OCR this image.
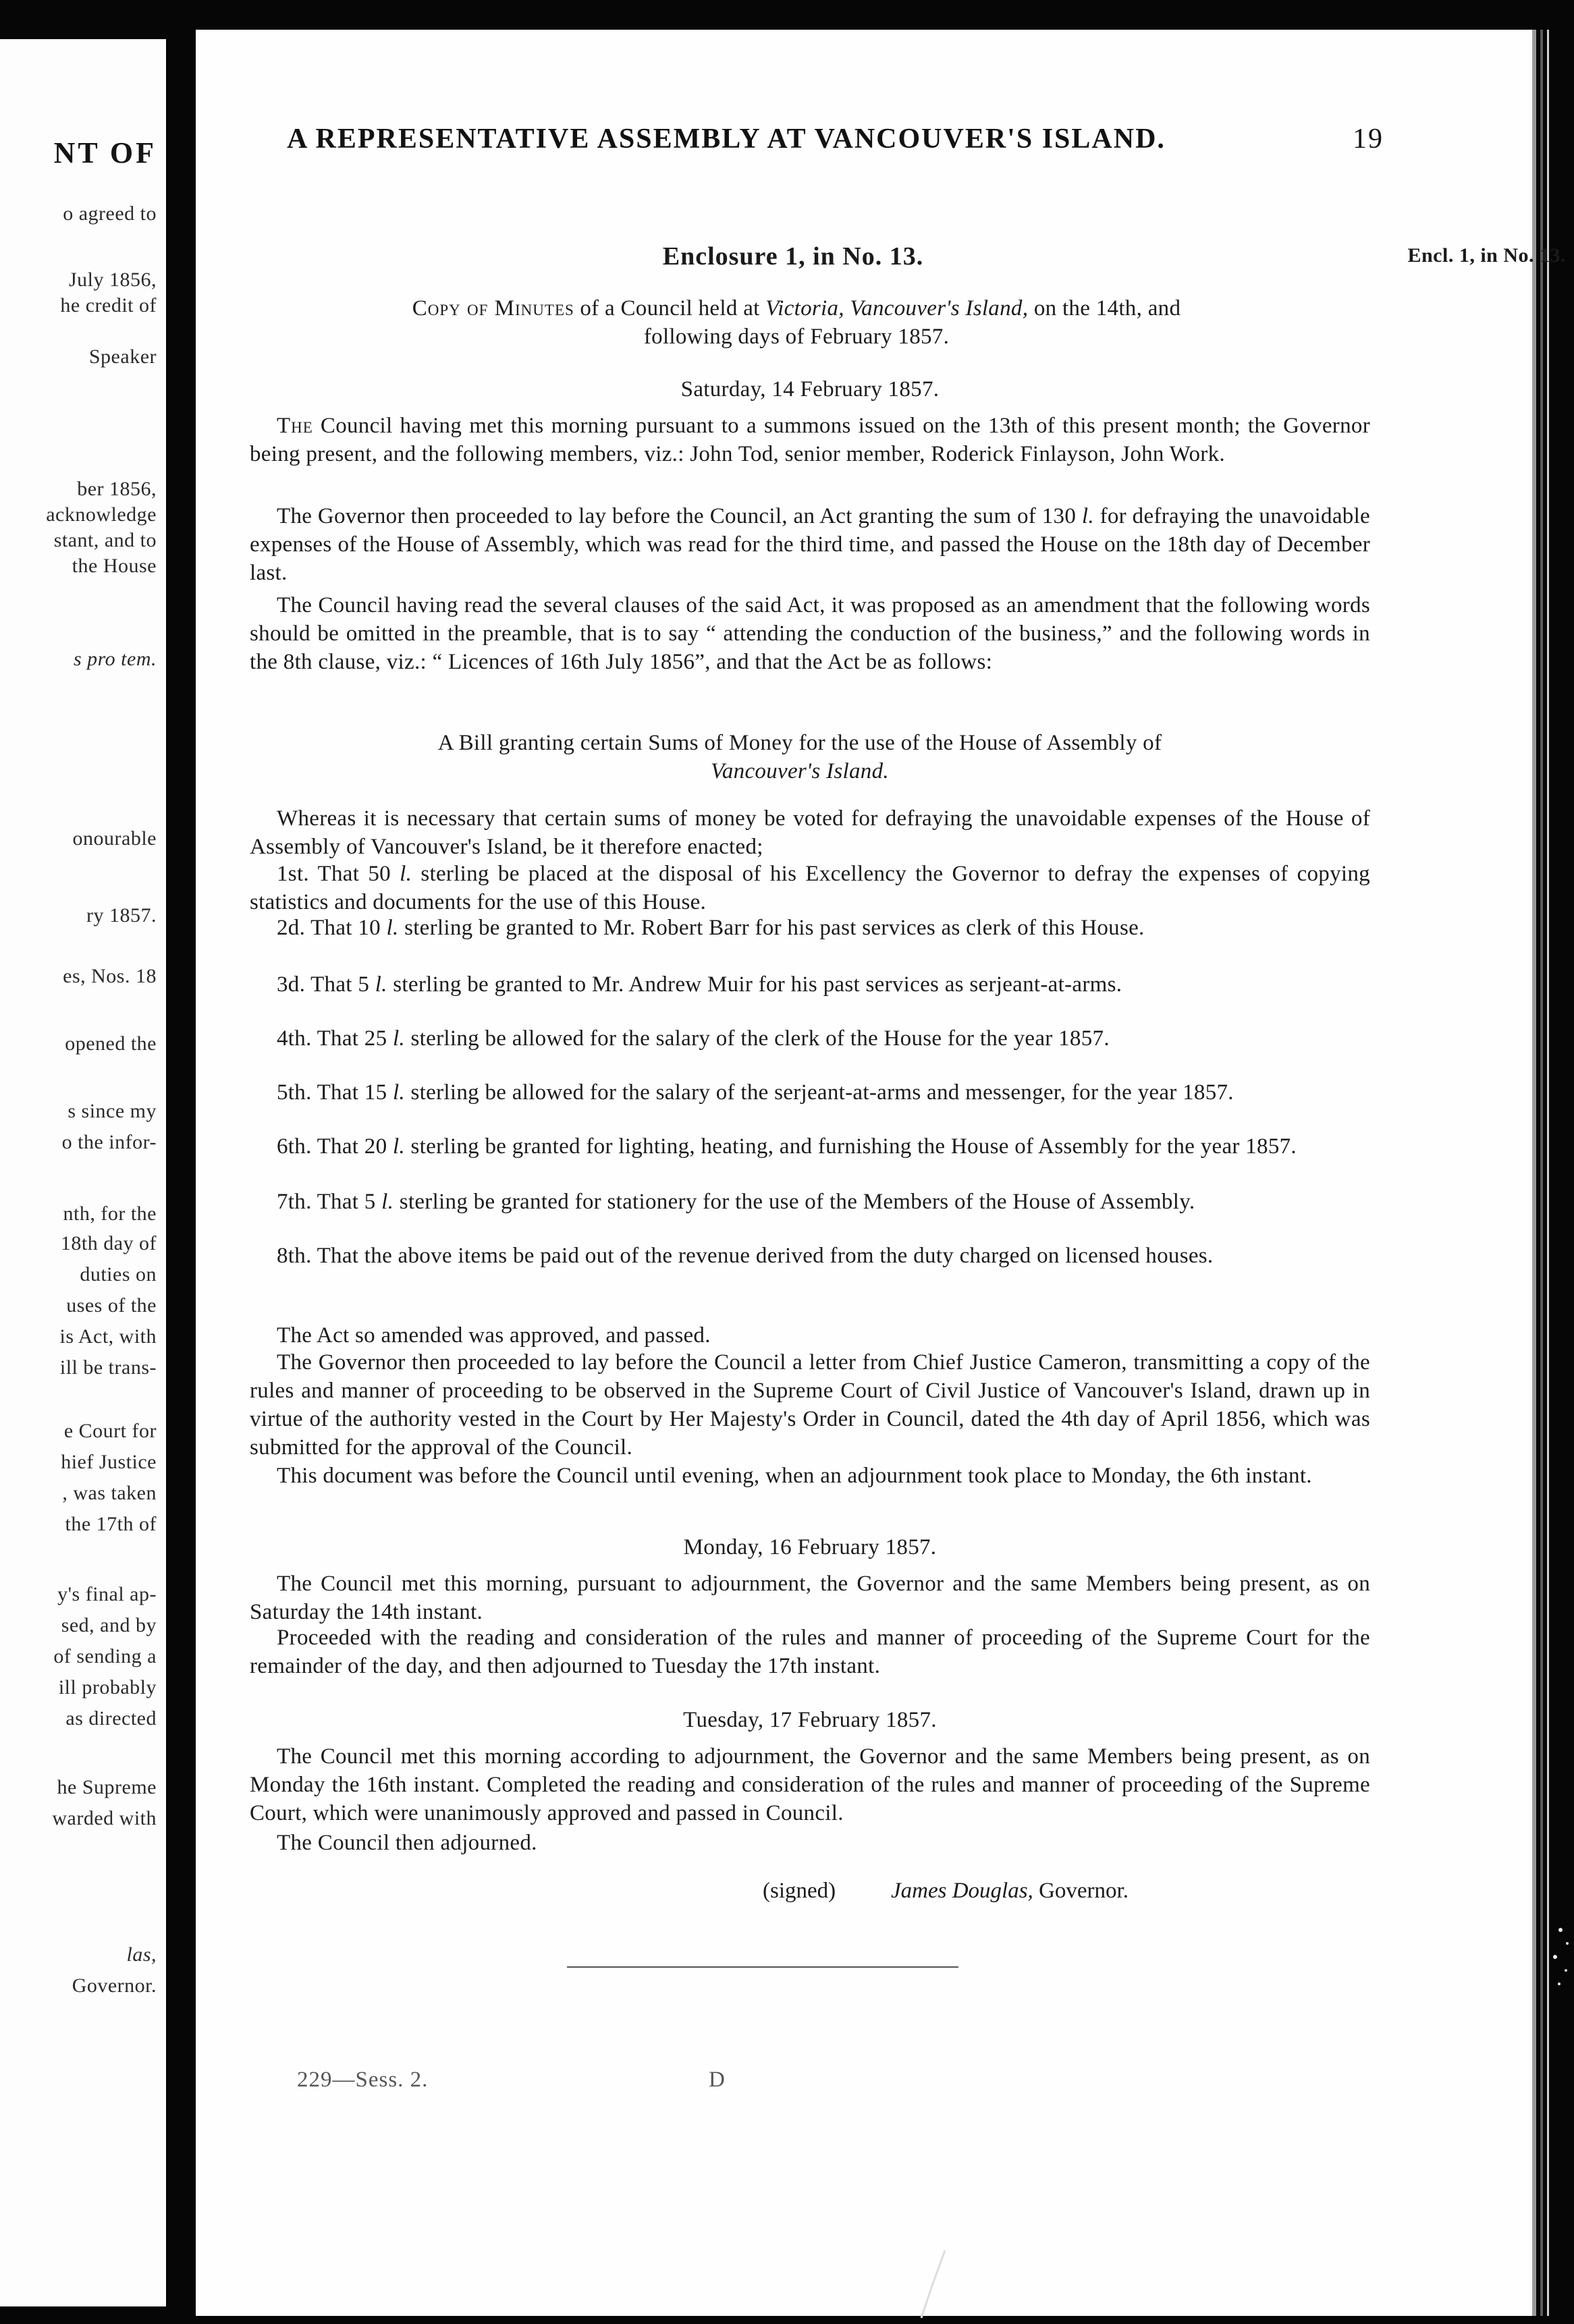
NT OF
o agreed to
July 1856,
he credit of
Speaker
ber 1856,
acknowledge
stant, and to
the House
s pro tem.
onourable
ry 1857.
es, Nos. 18
opened the
s since my
o the infor-
nth, for the
18th day of
duties on
uses of the
is Act, with
ill be trans-
e Court for
hief Justice
, was taken
the 17th of
y's final ap-
sed, and by
of sending a
ill probably
as directed
he Supreme
warded with
las,
Governor.
A REPRESENTATIVE ASSEMBLY AT VANCOUVER'S ISLAND.	19
Enclosure 1, in No. 13.	Encl. 1, in No. 13.
Copy of Minutes of a Council held at Victoria, Vancouver's Island, on the 14th, and following days of February 1857.
Saturday, 14 February 1857.
The Council having met this morning pursuant to a summons issued on the 13th of this present month; the Governor being present, and the following members, viz.: John Tod, senior member, Roderick Finlayson, John Work.
The Governor then proceeded to lay before the Council, an Act granting the sum of 130 l. for defraying the unavoidable expenses of the House of Assembly, which was read for the third time, and passed the House on the 18th day of December last.
The Council having read the several clauses of the said Act, it was proposed as an amendment that the following words should be omitted in the preamble, that is to say “ attending the conduction of the business,” and the following words in the 8th clause, viz.: “ Licences of 16th July 1856”, and that the Act be as follows:
A Bill granting certain Sums of Money for the use of the House of Assembly of Vancouver's Island.
Whereas it is necessary that certain sums of money be voted for defraying the unavoidable expenses of the House of Assembly of Vancouver's Island, be it therefore enacted;
1st. That 50 l. sterling be placed at the disposal of his Excellency the Governor to defray the expenses of copying statistics and documents for the use of this House.
2d. That 10 l. sterling be granted to Mr. Robert Barr for his past services as clerk of this House.
3d. That 5 l. sterling be granted to Mr. Andrew Muir for his past services as serjeant-at-arms.
4th. That 25 l. sterling be allowed for the salary of the clerk of the House for the year 1857.
5th. That 15 l. sterling be allowed for the salary of the serjeant-at-arms and messenger, for the year 1857.
6th. That 20 l. sterling be granted for lighting, heating, and furnishing the House of Assembly for the year 1857.
7th. That 5 l. sterling be granted for stationery for the use of the Members of the House of Assembly.
8th. That the above items be paid out of the revenue derived from the duty charged on licensed houses.
The Act so amended was approved, and passed.
The Governor then proceeded to lay before the Council a letter from Chief Justice Cameron, transmitting a copy of the rules and manner of proceeding to be observed in the Supreme Court of Civil Justice of Vancouver's Island, drawn up in virtue of the authority vested in the Court by Her Majesty's Order in Council, dated the 4th day of April 1856, which was submitted for the approval of the Council.
This document was before the Council until evening, when an adjournment took place to Monday, the 6th instant.
Monday, 16 February 1857.
The Council met this morning, pursuant to adjournment, the Governor and the same Members being present, as on Saturday the 14th instant.
Proceeded with the reading and consideration of the rules and manner of proceeding of the Supreme Court for the remainder of the day, and then adjourned to Tuesday the 17th instant.
Tuesday, 17 February 1857.
The Council met this morning according to adjournment, the Governor and the same Members being present, as on Monday the 16th instant. Completed the reading and consideration of the rules and manner of proceeding of the Supreme Court, which were unanimously approved and passed in Council.
The Council then adjourned.
(signed) James Douglas, Governor.
229—Sess. 2.	D
